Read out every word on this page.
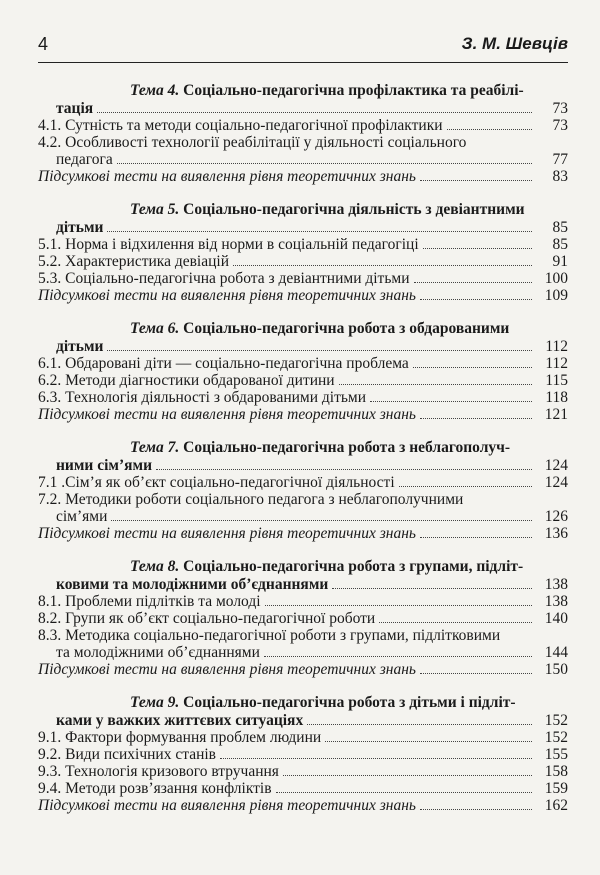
4	З. М. Шевців
Тема 4. Соціально-педагогічна профілактика та реабілі-
тація	73
4.1. Сутність та методи соціально-педагогічної профілактики	73
4.2. Особливості технології реабілітації у діяльності соціального
педагога	77
Підсумкові тести на виявлення рівня теоретичних знань	83
Тема 5. Соціально-педагогічна діяльність з девіантними
дітьми	85
5.1. Норма і відхилення від норми в соціальній педагогіці	85
5.2. Характеристика девіацій	91
5.3. Соціально-педагогічна робота з девіантними дітьми	100
Підсумкові тести на виявлення рівня теоретичних знань	109
Тема 6. Соціально-педагогічна робота з обдарованими
дітьми	112
6.1. Обдаровані діти — соціально-педагогічна проблема	112
6.2. Методи діагностики обдарованої дитини	115
6.3. Технологія діяльності з обдарованими дітьми	118
Підсумкові тести на виявлення рівня теоретичних знань	121
Тема 7. Соціально-педагогічна робота з неблагополуч-
ними сім’ями	124
7.1 .Сім’я як об’єкт соціально-педагогічної діяльності	124
7.2. Методики роботи соціального педагога з неблагополучними
сім’ями	126
Підсумкові тести на виявлення рівня теоретичних знань	136
Тема 8. Соціально-педагогічна робота з групами, підліт-
ковими та молодіжними об’єднаннями	138
8.1. Проблеми підлітків та молоді	138
8.2. Групи як об’єкт соціально-педагогічної роботи	140
8.3. Методика соціально-педагогічної роботи з групами, підлітковими
та молодіжними об’єднаннями	144
Підсумкові тести на виявлення рівня теоретичних знань	150
Тема 9. Соціально-педагогічна робота з дітьми і підліт-
ками у важких життєвих ситуаціях	152
9.1. Фактори формування проблем людини	152
9.2. Види психічних станів	155
9.3. Технологія кризового втручання	158
9.4. Методи розв’язання конфліктів	159
Підсумкові тести на виявлення рівня теоретичних знань	162
